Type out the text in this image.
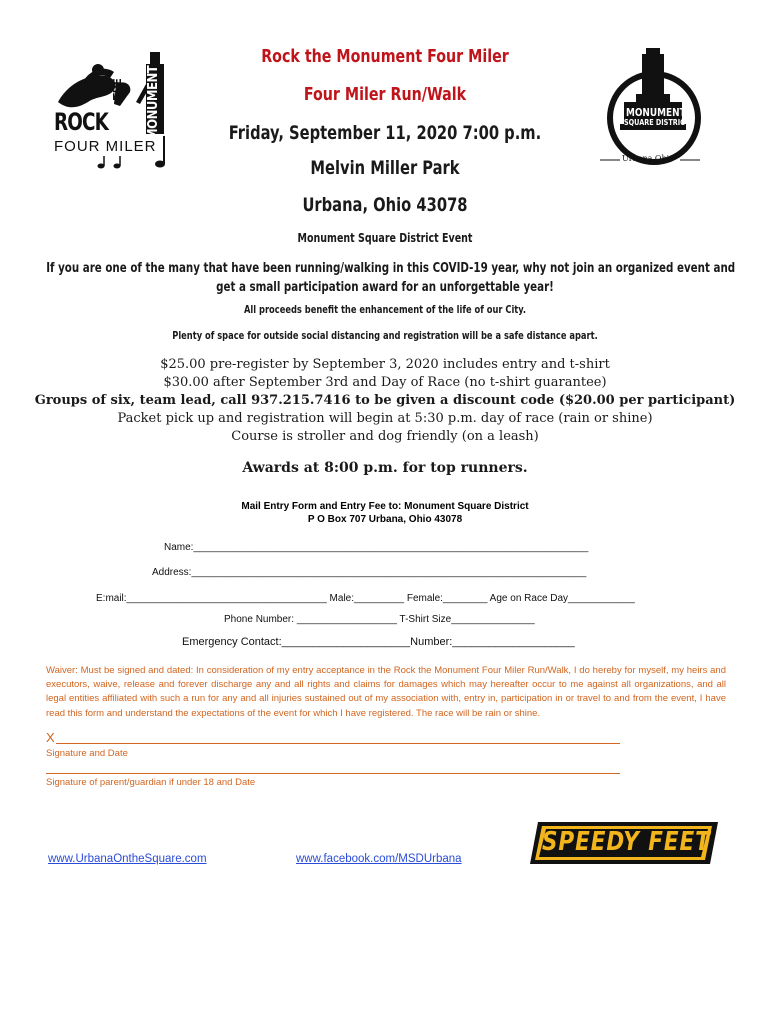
ROCK
THE MONUMENT
FOUR MILER
MONUMENT
SQUARE DISTRICT
Urbana Ohio
Rock the Monument Four Miler
Four Miler Run/Walk
Friday, September 11, 2020 7:00 p.m.
Melvin Miller Park
Urbana, Ohio 43078
Monument Square District Event
If you are one of the many that have been running/walking in this COVID-19 year, why not join an organized event and
get a small participation award for an unforgettable year!
All proceeds benefit the enhancement of the life of our City.
Plenty of space for outside social distancing and registration will be a safe distance apart.
$25.00 pre-register by September 3, 2020 includes entry and t-shirt
$30.00 after September 3rd and Day of Race (no t-shirt guarantee)
Groups of six, team lead, call 937.215.7416 to be given a discount code ($20.00 per participant)
Packet pick up and registration will begin at 5:30 p.m. day of race (rain or shine)
Course is stroller and dog friendly (on a leash)
Awards at 8:00 p.m. for top runners.
Mail Entry Form and Entry Fee to: Monument Square District
P O Box 707 Urbana, Ohio 43078
Name:_______________________________________________________________________
Address:_______________________________________________________________________
E:mail:____________________________________ Male:_________ Female:________ Age on Race Day____________
Phone Number: __________________ T-Shirt Size_______________
Emergency Contact:_____________________Number:____________________
Waiver: Must be signed and dated: In consideration of my entry acceptance in the Rock the Monument Four Miler Run/Walk, I do hereby for myself, my heirs and executors, waive, release and forever discharge any and all rights and claims for damages which may hereafter occur to me against all organizations, and all legal entities affiliated with such a run for any and all injuries sustained out of my association with, entry in, participation in or travel to and from the event, I have read this form and understand the expectations of the event for which I have registered. The race will be rain or shine.
X
Signature and Date
Signature of parent/guardian if under 18 and Date
SPEEDY FEET
www.UrbanaOntheSquare.com	www.facebook.com/MSDUrbana
